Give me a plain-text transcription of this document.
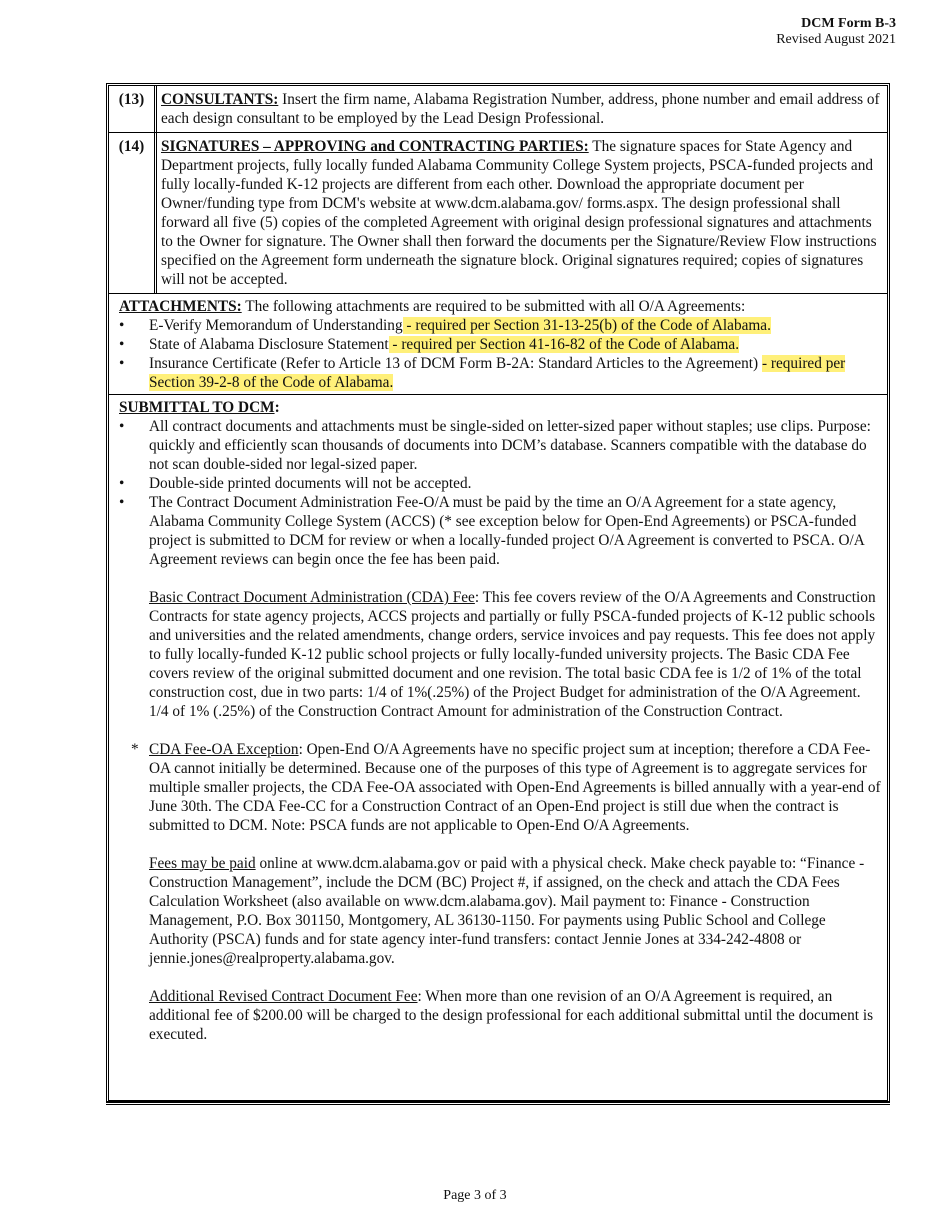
DCM Form B-3
Revised August 2021
(13)	CONSULTANTS: Insert the firm name, Alabama Registration Number, address, phone number and email address of each design consultant to be employed by the Lead Design Professional.
(14)	SIGNATURES – APPROVING and CONTRACTING PARTIES: The signature spaces for State Agency and Department projects, fully locally funded Alabama Community College System projects, PSCA-funded projects and fully locally-funded K-12 projects are different from each other. Download the appropriate document per Owner/funding type from DCM's website at www.dcm.alabama.gov/ forms.aspx. The design professional shall forward all five (5) copies of the completed Agreement with original design professional signatures and attachments to the Owner for signature. The Owner shall then forward the documents per the Signature/Review Flow instructions specified on the Agreement form underneath the signature block. Original signatures required; copies of signatures will not be accepted.
ATTACHMENTS: The following attachments are required to be submitted with all O/A Agreements:
• E-Verify Memorandum of Understanding - required per Section 31-13-25(b) of the Code of Alabama.
• State of Alabama Disclosure Statement - required per Section 41-16-82 of the Code of Alabama.
• Insurance Certificate (Refer to Article 13 of DCM Form B-2A: Standard Articles to the Agreement) - required per Section 39-2-8 of the Code of Alabama.
SUBMITTAL TO DCM:
• All contract documents and attachments must be single-sided on letter-sized paper without staples; use clips. Purpose: quickly and efficiently scan thousands of documents into DCM’s database. Scanners compatible with the database do not scan double-sided nor legal-sized paper.
• Double-side printed documents will not be accepted.
• The Contract Document Administration Fee-O/A must be paid by the time an O/A Agreement for a state agency, Alabama Community College System (ACCS) (* see exception below for Open-End Agreements) or PSCA-funded project is submitted to DCM for review or when a locally-funded project O/A Agreement is converted to PSCA. O/A Agreement reviews can begin once the fee has been paid.
Basic Contract Document Administration (CDA) Fee: This fee covers review of the O/A Agreements and Construction Contracts for state agency projects, ACCS projects and partially or fully PSCA-funded projects of K-12 public schools and universities and the related amendments, change orders, service invoices and pay requests. This fee does not apply to fully locally-funded K-12 public school projects or fully locally-funded university projects. The Basic CDA Fee covers review of the original submitted document and one revision. The total basic CDA fee is 1/2 of 1% of the total construction cost, due in two parts: 1/4 of 1%(.25%) of the Project Budget for administration of the O/A Agreement. 1/4 of 1% (.25%) of the Construction Contract Amount for administration of the Construction Contract.
* CDA Fee-OA Exception: Open-End O/A Agreements have no specific project sum at inception; therefore a CDA Fee-OA cannot initially be determined. Because one of the purposes of this type of Agreement is to aggregate services for multiple smaller projects, the CDA Fee-OA associated with Open-End Agreements is billed annually with a year-end of June 30th. The CDA Fee-CC for a Construction Contract of an Open-End project is still due when the contract is submitted to DCM. Note: PSCA funds are not applicable to Open-End O/A Agreements.
Fees may be paid online at www.dcm.alabama.gov or paid with a physical check. Make check payable to: “Finance - Construction Management”, include the DCM (BC) Project #, if assigned, on the check and attach the CDA Fees Calculation Worksheet (also available on www.dcm.alabama.gov). Mail payment to: Finance - Construction Management, P.O. Box 301150, Montgomery, AL 36130-1150. For payments using Public School and College Authority (PSCA) funds and for state agency inter-fund transfers: contact Jennie Jones at 334-242-4808 or jennie.jones@realproperty.alabama.gov.
Additional Revised Contract Document Fee: When more than one revision of an O/A Agreement is required, an additional fee of $200.00 will be charged to the design professional for each additional submittal until the document is executed.
Page 3 of 3
